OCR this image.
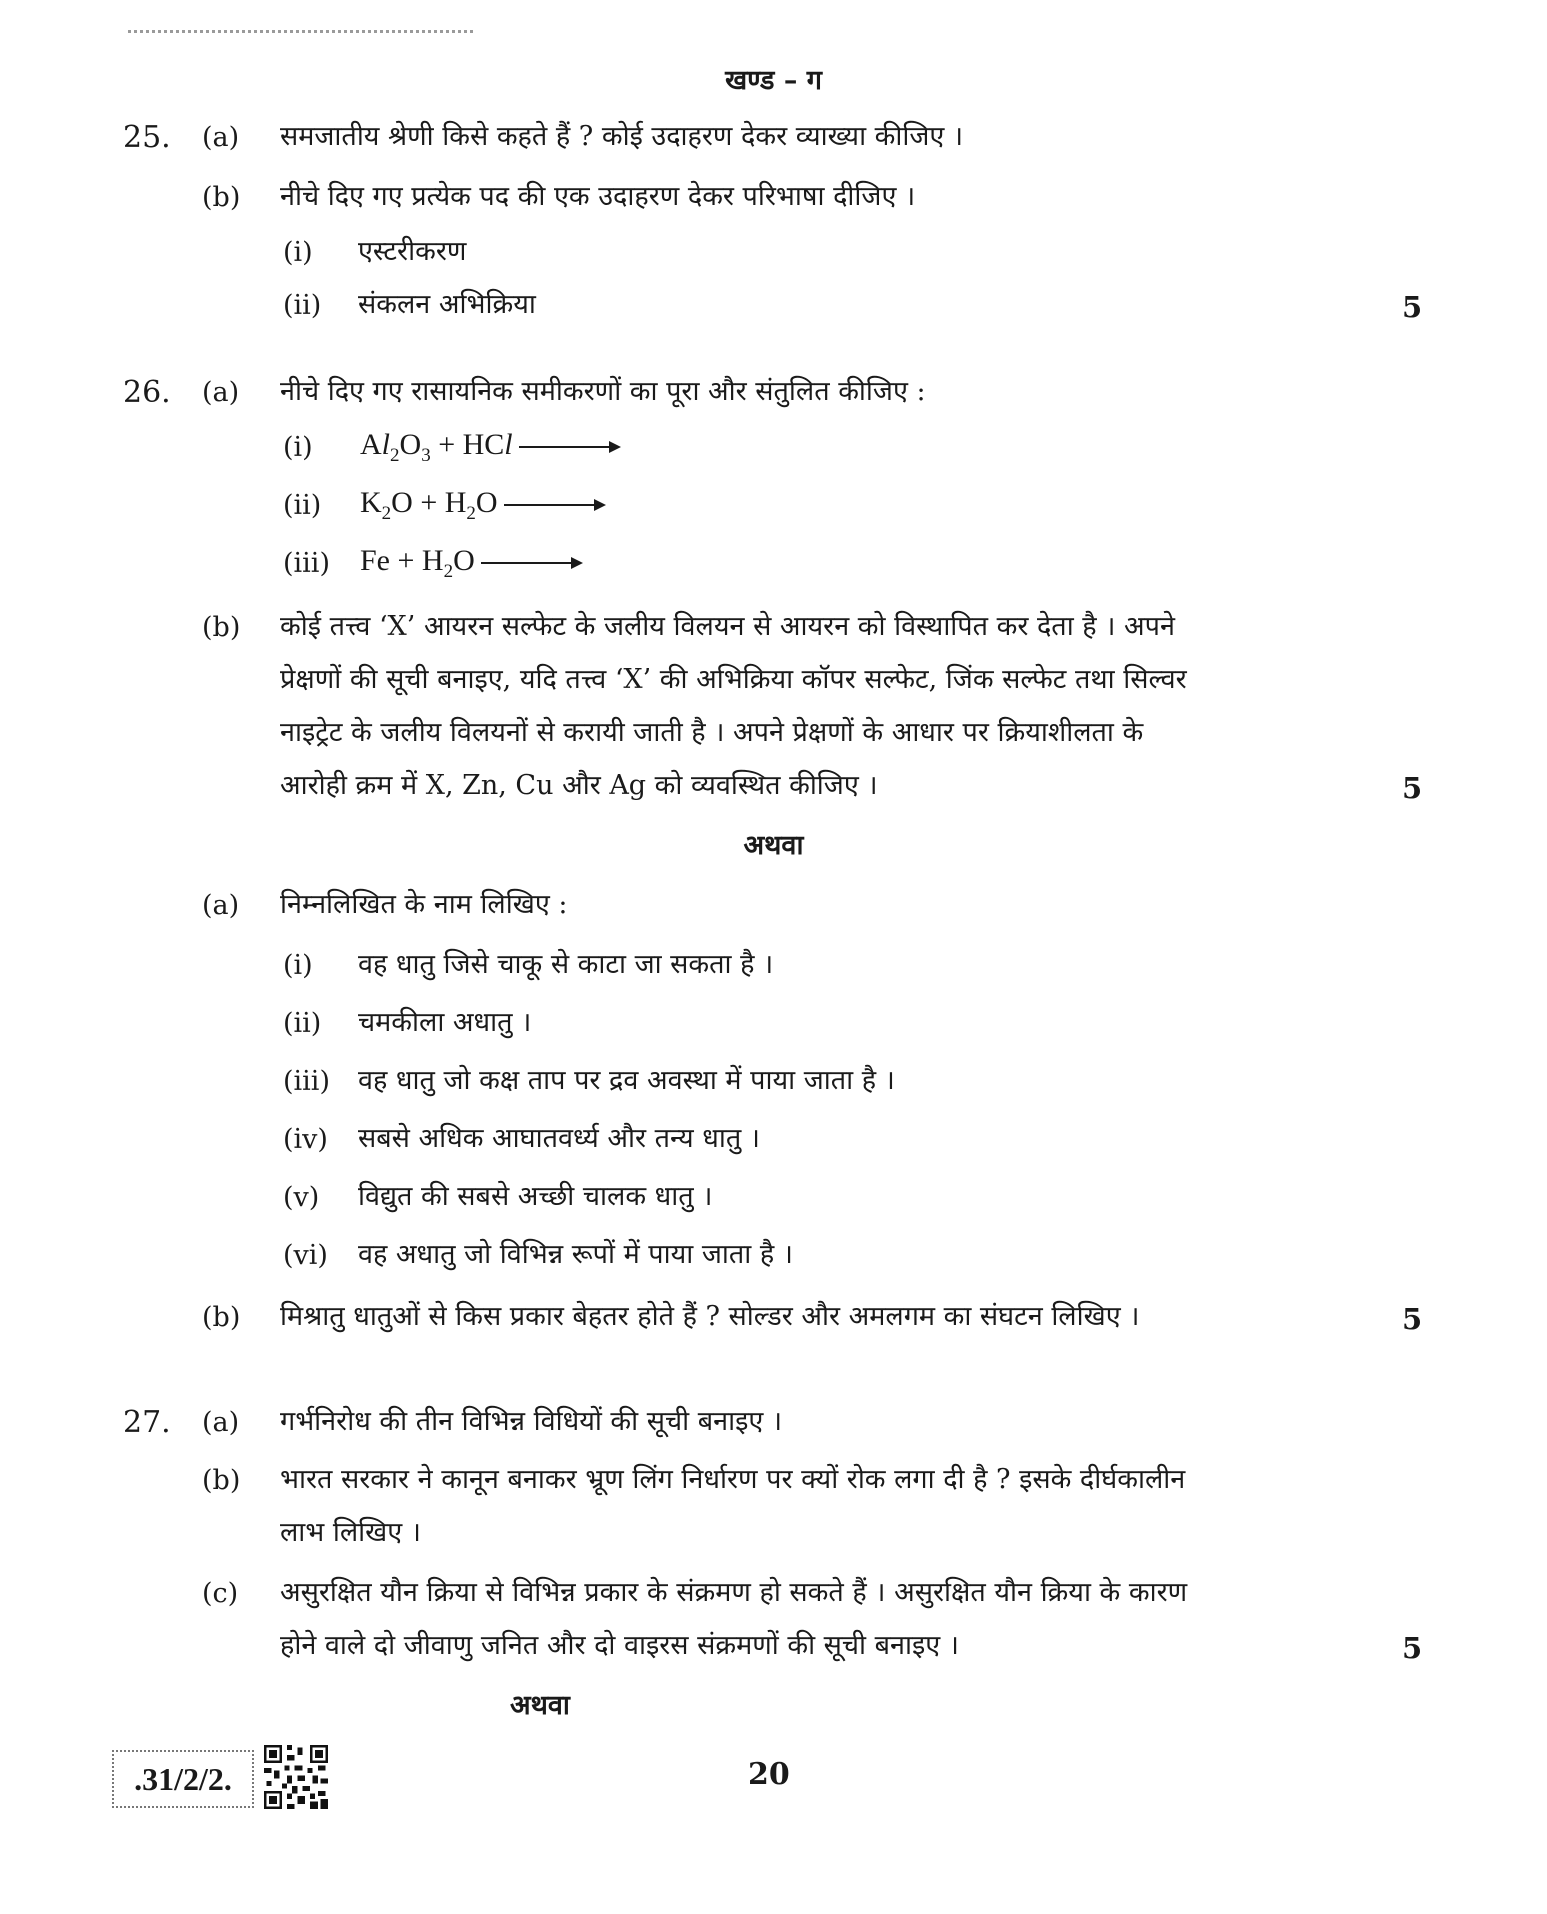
खण्ड – ग
25. (a) समजातीय श्रेणी किसे कहते हैं ? कोई उदाहरण देकर व्याख्या कीजिए ।
(b) नीचे दिए गए प्रत्येक पद की एक उदाहरण देकर परिभाषा दीजिए ।
(i) एस्टरीकरण
(ii) संकलन अभिक्रिया	5
26. (a) नीचे दिए गए रासायनिक समीकरणों का पूरा और संतुलित कीजिए :
(i) $Al_2O_3$ + HCl →
(ii) $K_2O + H_2O$ →
(iii) $Fe + H_2O$ →
(b) कोई तत्त्व ‘X’ आयरन सल्फेट के जलीय विलयन से आयरन को विस्थापित कर देता है । अपने
प्रेक्षणों की सूची बनाइए, यदि तत्त्व ‘X’ की अभिक्रिया कॉपर सल्फेट, जिंक सल्फेट तथा सिल्वर
नाइट्रेट के जलीय विलयनों से करायी जाती है । अपने प्रेक्षणों के आधार पर क्रियाशीलता के
आरोही क्रम में X, Zn, Cu और Ag को व्यवस्थित कीजिए ।	5
अथवा
(a) निम्नलिखित के नाम लिखिए :
(i) वह धातु जिसे चाकू से काटा जा सकता है ।
(ii) चमकीला अधातु ।
(iii) वह धातु जो कक्ष ताप पर द्रव अवस्था में पाया जाता है ।
(iv) सबसे अधिक आघातवर्ध्य और तन्य धातु ।
(v) विद्युत की सबसे अच्छी चालक धातु ।
(vi) वह अधातु जो विभिन्न रूपों में पाया जाता है ।
(b) मिश्रातु धातुओं से किस प्रकार बेहतर होते हैं ? सोल्डर और अमलगम का संघटन लिखिए ।	5
27. (a) गर्भनिरोध की तीन विभिन्न विधियों की सूची बनाइए ।
(b) भारत सरकार ने कानून बनाकर भ्रूण लिंग निर्धारण पर क्यों रोक लगा दी है ? इसके दीर्घकालीन
लाभ लिखिए ।
(c) असुरक्षित यौन क्रिया से विभिन्न प्रकार के संक्रमण हो सकते हैं । असुरक्षित यौन क्रिया के कारण
होने वाले दो जीवाणु जनित और दो वाइरस संक्रमणों की सूची बनाइए ।	5
अथवा
.31/2/2.	20
